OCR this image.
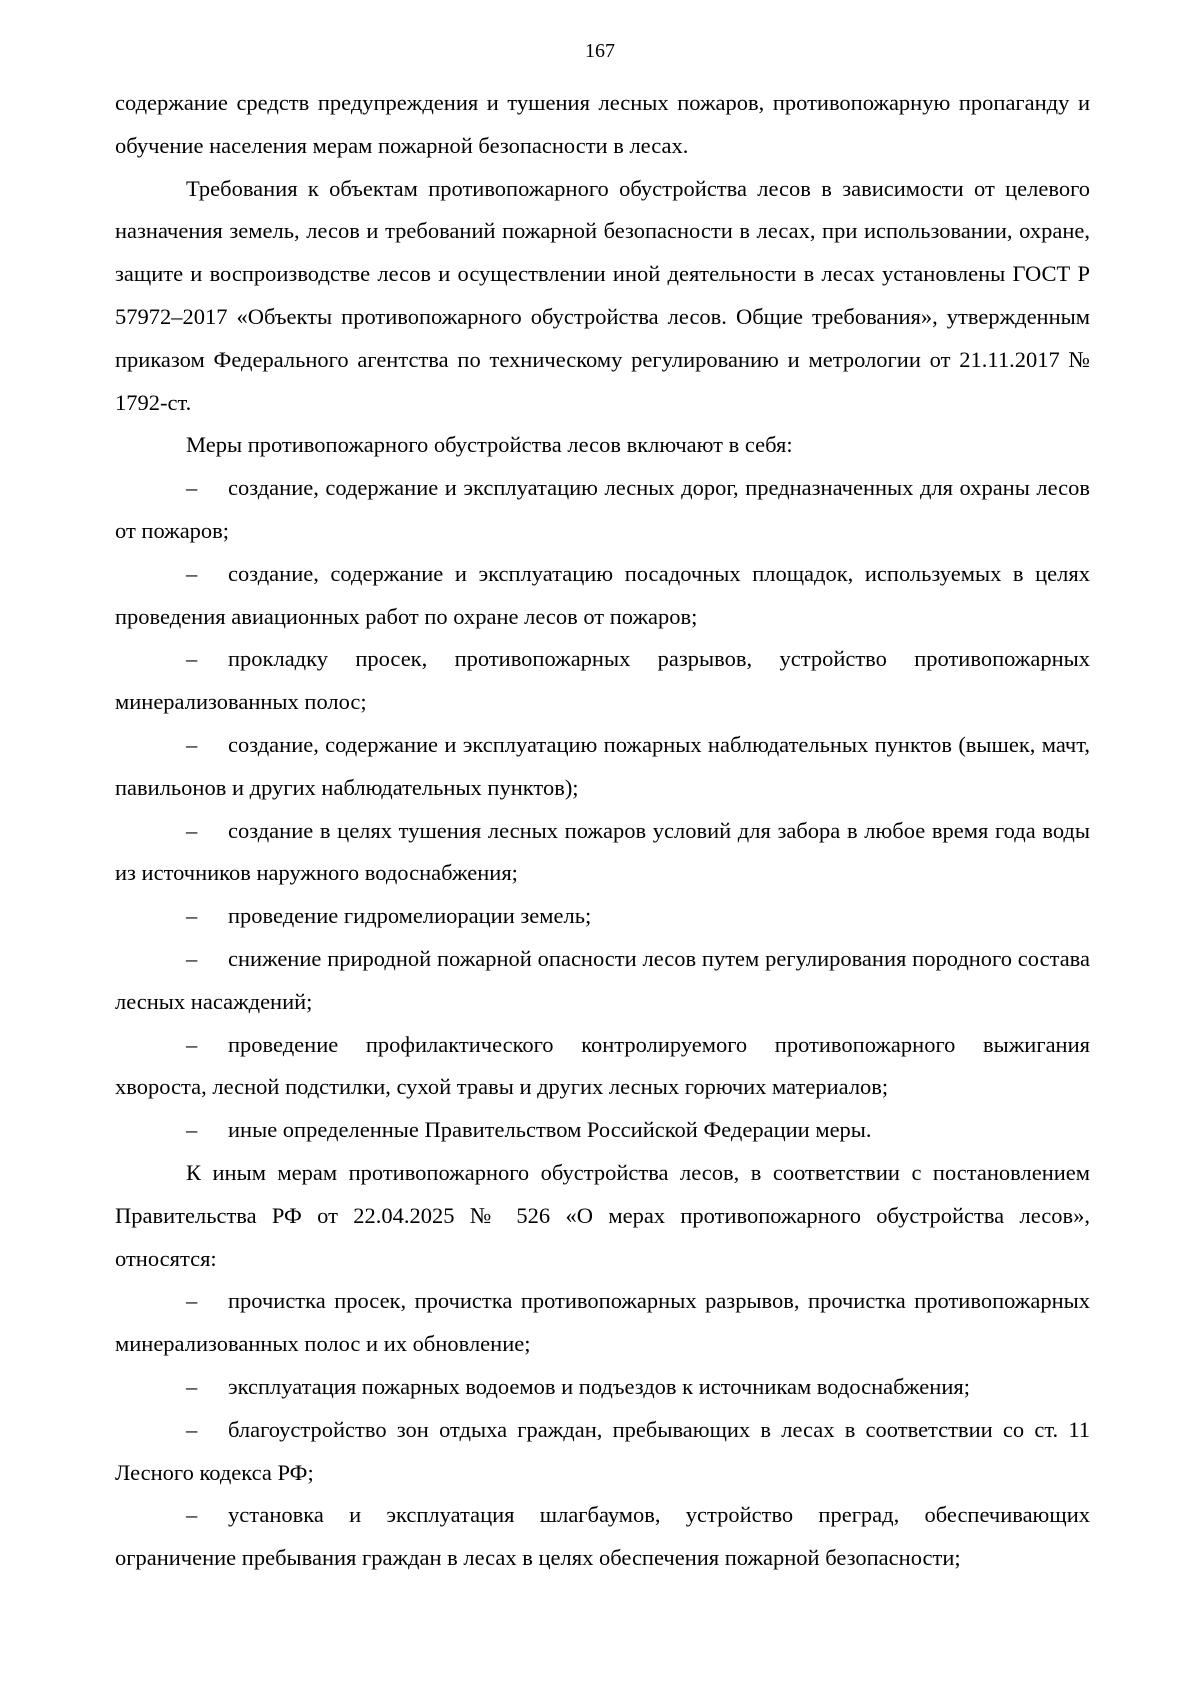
167

содержание средств предупреждения и тушения лесных пожаров, противопожарную пропаганду и обучение населения мерам пожарной безопасности в лесах.

Требования к объектам противопожарного обустройства лесов в зависимости от целевого назначения земель, лесов и требований пожарной безопасности в лесах, при использовании, охране, защите и воспроизводстве лесов и осуществлении иной деятельности в лесах установлены ГОСТ Р 57972–2017 «Объекты противопожарного обустройства лесов. Общие требования», утвержденным приказом Федерального агентства по техническому регулированию и метрологии от 21.11.2017 № 1792-ст.

Меры противопожарного обустройства лесов включают в себя:

– создание, содержание и эксплуатацию лесных дорог, предназначенных для охраны лесов от пожаров;

– создание, содержание и эксплуатацию посадочных площадок, используемых в целях проведения авиационных работ по охране лесов от пожаров;

– прокладку просек, противопожарных разрывов, устройство противопожарных минерализованных полос;

– создание, содержание и эксплуатацию пожарных наблюдательных пунктов (вышек, мачт, павильонов и других наблюдательных пунктов);

– создание в целях тушения лесных пожаров условий для забора в любое время года воды из источников наружного водоснабжения;

– проведение гидромелиорации земель;

– снижение природной пожарной опасности лесов путем регулирования породного состава лесных насаждений;

– проведение профилактического контролируемого противопожарного выжигания хвороста, лесной подстилки, сухой травы и других лесных горючих материалов;

– иные определенные Правительством Российской Федерации меры.

К иным мерам противопожарного обустройства лесов, в соответствии с постановлением Правительства РФ от 22.04.2025 № 526 «О мерах противопожарного обустройства лесов», относятся:

– прочистка просек, прочистка противопожарных разрывов, прочистка противопожарных минерализованных полос и их обновление;

– эксплуатация пожарных водоемов и подъездов к источникам водоснабжения;

– благоустройство зон отдыха граждан, пребывающих в лесах в соответствии со ст. 11 Лесного кодекса РФ;

– установка и эксплуатация шлагбаумов, устройство преград, обеспечивающих ограничение пребывания граждан в лесах в целях обеспечения пожарной безопасности;
